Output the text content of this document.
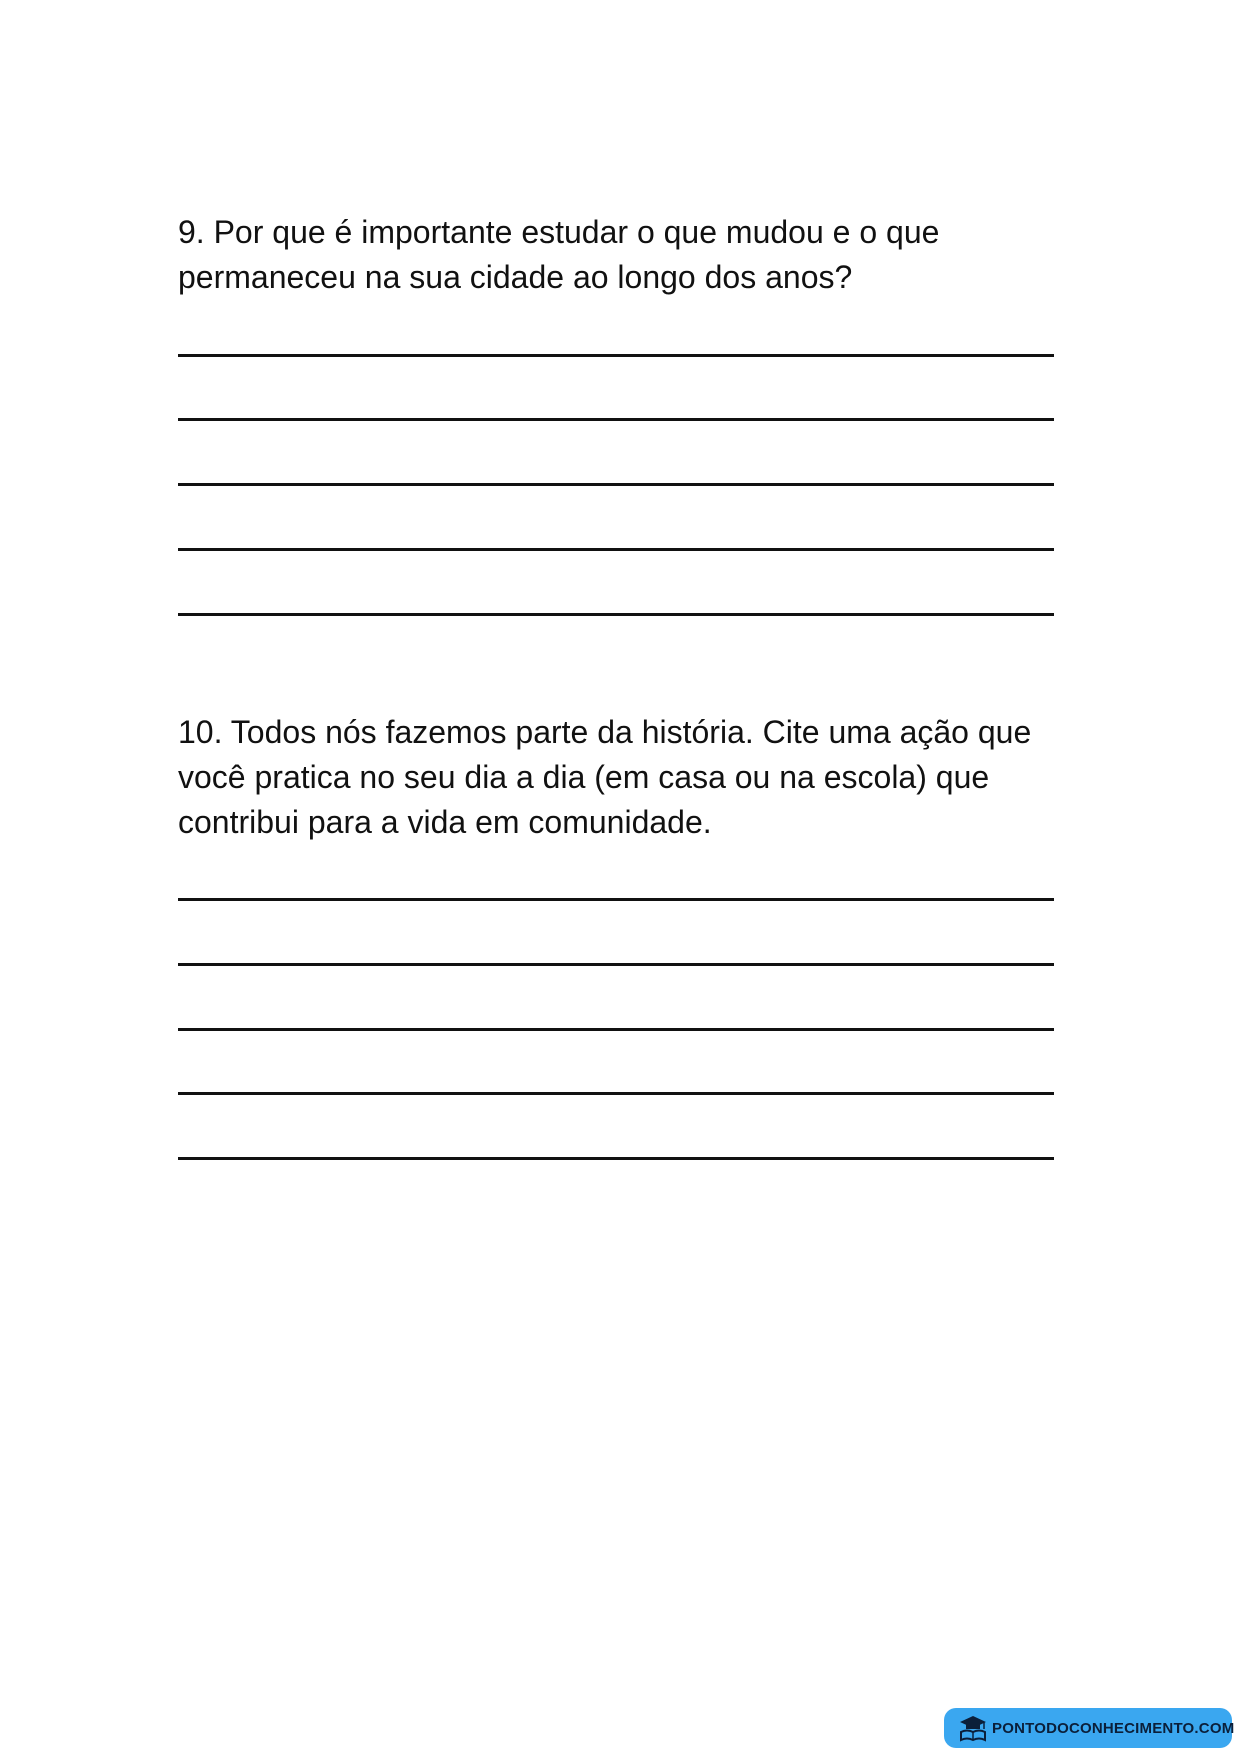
9. Por que é importante estudar o que mudou e o que permaneceu na sua cidade ao longo dos anos?

10. Todos nós fazemos parte da história. Cite uma ação que você pratica no seu dia a dia (em casa ou na escola) que contribui para a vida em comunidade.

PONTODOCONHECIMENTO.COM
